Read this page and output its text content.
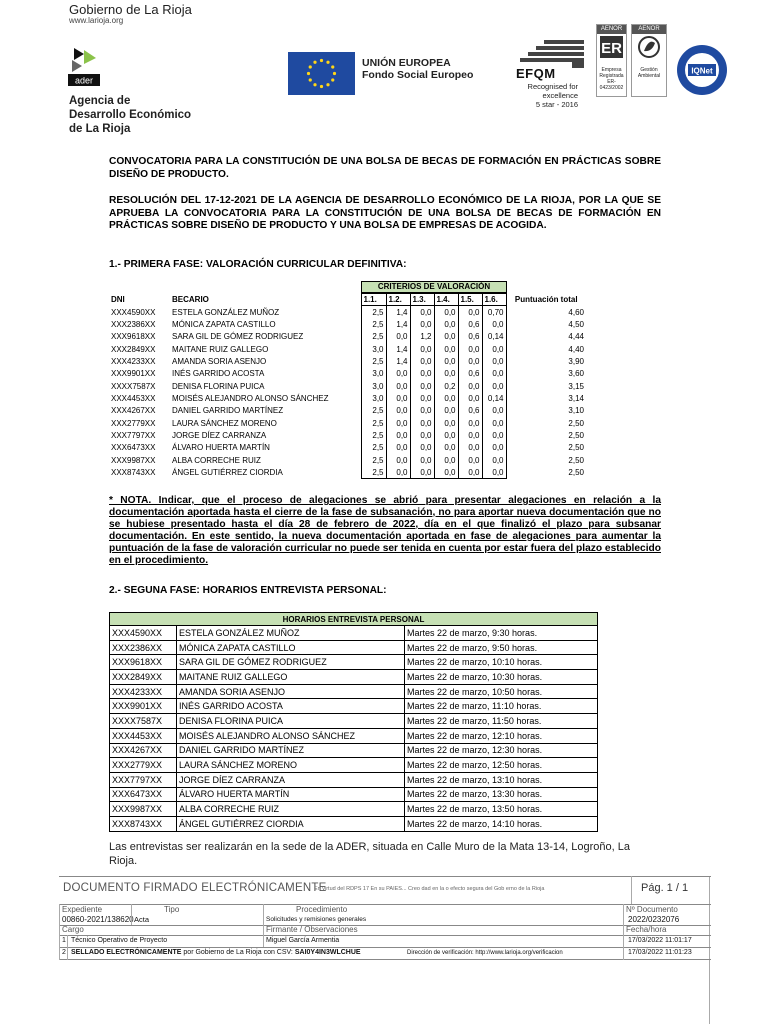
Gobierno de La Rioja
www.larioja.org
ader
Agencia de
Desarrollo Económico
de La Rioja
UNIÓN EUROPEA
Fondo Social Europeo	EFQM
Recognised for excellence
5 star - 2016
AENOR
ER
Empresa
Registrada
ER-0423/2002
AENOR
Gestión
Ambiental
IQNet
CONVOCATORIA PARA LA CONSTITUCIÓN DE UNA BOLSA DE BECAS DE FORMACIÓN EN PRÁCTICAS SOBRE DISEÑO DE PRODUCTO.
RESOLUCIÓN DEL 17-12-2021 DE LA AGENCIA DE DESARROLLO ECONÓMICO DE LA RIOJA, POR LA QUE SE APRUEBA LA CONVOCATORIA PARA LA CONSTITUCIÓN DE UNA BOLSA DE BECAS DE FORMACIÓN EN PRÁCTICAS SOBRE DISEÑO DE PRODUCTO Y UNA BOLSA DE EMPRESAS DE ACOGIDA.
1.- PRIMERA FASE: VALORACIÓN CURRICULAR DEFINITIVA:
CRITERIOS DE VALORACIÓN
DNI	BECARIO	1.1.	1.2.	1.3.	1.4.	1.5.	1.6.	Puntuación total
XXX4590XX	ESTELA GONZÁLEZ MUÑOZ	2,5	1,4	0,0	0,0	0,0	0,70	4,60
XXX2386XX	MÓNICA ZAPATA CASTILLO	2,5	1,4	0,0	0,0	0,6	0,0	4,50
XXX9618XX	SARA GIL DE GÓMEZ RODRIGUEZ	2,5	0,0	1,2	0,0	0,6	0,14	4,44
XXX2849XX	MAITANE RUIZ GALLEGO	3,0	1,4	0,0	0,0	0,0	0,0	4,40
XXX4233XX	AMANDA SORIA ASENJO	2,5	1,4	0,0	0,0	0,0	0,0	3,90
XXX9901XX	INÉS GARRIDO ACOSTA	3,0	0,0	0,0	0,0	0,6	0,0	3,60
XXXX7587X	DENISA FLORINA PUICA	3,0	0,0	0,0	0,2	0,0	0,0	3,15
XXX4453XX	MOISÉS ALEJANDRO ALONSO SÁNCHEZ	3,0	0,0	0,0	0,0	0,0	0,14	3,14
XXX4267XX	DANIEL GARRIDO MARTÍNEZ	2,5	0,0	0,0	0,0	0,6	0,0	3,10
XXX2779XX	LAURA SÁNCHEZ MORENO	2,5	0,0	0,0	0,0	0,0	0,0	2,50
XXX7797XX	JORGE DÍEZ CARRANZA	2,5	0,0	0,0	0,0	0,0	0,0	2,50
XXX6473XX	ÁLVARO HUERTA MARTÍN	2,5	0,0	0,0	0,0	0,0	0,0	2,50
XXX9987XX	ALBA CORRECHE RUIZ	2,5	0,0	0,0	0,0	0,0	0,0	2,50
XXX8743XX	ÁNGEL GUTIÉRREZ CIORDIA	2,5	0,0	0,0	0,0	0,0	0,0	2,50
* NOTA. Indicar, que el proceso de alegaciones se abrió para presentar alegaciones en relación a la documentación aportada hasta el cierre de la fase de subsanación, no para aportar nueva documentación que no se hubiese presentado hasta el día 28 de febrero de 2022, día en el que finalizó el plazo para subsanar documentación. En este sentido, la nueva documentación aportada en fase de alegaciones para aumentar la puntuación de la fase de valoración curricular no puede ser tenida en cuenta por estar fuera del plazo establecido en el procedimiento.
2.- SEGUNA FASE: HORARIOS ENTREVISTA PERSONAL:
HORARIOS ENTREVISTA PERSONAL		
XXX4590XX	ESTELA GONZÁLEZ MUÑOZ	Martes 22 de marzo, 9:30 horas.
XXX2386XX	MÓNICA ZAPATA CASTILLO	Martes 22 de marzo, 9:50 horas.
XXX9618XX	SARA GIL DE GÓMEZ RODRIGUEZ	Martes 22 de marzo, 10:10 horas.
XXX2849XX	MAITANE RUIZ GALLEGO	Martes 22 de marzo, 10:30 horas.
XXX4233XX	AMANDA SORIA ASENJO	Martes 22 de marzo, 10:50 horas.
XXX9901XX	INÉS GARRIDO ACOSTA	Martes 22 de marzo, 11:10 horas.
XXXX7587X	DENISA FLORINA PUICA	Martes 22 de marzo, 11:50 horas.
XXX4453XX	MOISÉS ALEJANDRO ALONSO SÁNCHEZ	Martes 22 de marzo, 12:10 horas.
XXX4267XX	DANIEL GARRIDO MARTÍNEZ	Martes 22 de marzo, 12:30 horas.
XXX2779XX	LAURA SÁNCHEZ MORENO	Martes 22 de marzo, 12:50 horas.
XXX7797XX	JORGE DÍEZ CARRANZA	Martes 22 de marzo, 13:10 horas.
XXX6473XX	ÁLVARO HUERTA MARTÍN	Martes 22 de marzo, 13:30 horas.
XXX9987XX	ALBA CORRECHE RUIZ	Martes 22 de marzo, 13:50 horas.
XXX8743XX	ÁNGEL GUTIÉRREZ CIORDIA	Martes 22 de marzo, 14:10 horas.
Las entrevistas ser realizarán en la sede de la ADER, situada en Calle Muro de la Mata 13-14, Logroño, La Rioja.
DOCUMENTO FIRMADO ELECTRÓNICAMENTE
En virtud del RDPS 17 En su PAIES... Creo dad en la o efecto segura del Gob erno de la Rioja	Pág. 1 / 1
Expediente	Tipo	Procedimiento	Nº Documento
00860-2021/138620 Acta	Solicitudes y remisiones generales	2022/0232076
Cargo	Firmante / Observaciones	Fecha/hora
1 Técnico Operativo de Proyecto	Miguel García Armentia	17/03/2022 11:01:17
2 SELLADO ELECTRÓNICAMENTE por Gobierno de La Rioja con CSV: SAI0Y4IN3WLCHUE	Dirección de verificación: http://www.larioja.org/verificacion	17/03/2022 11:01:23
